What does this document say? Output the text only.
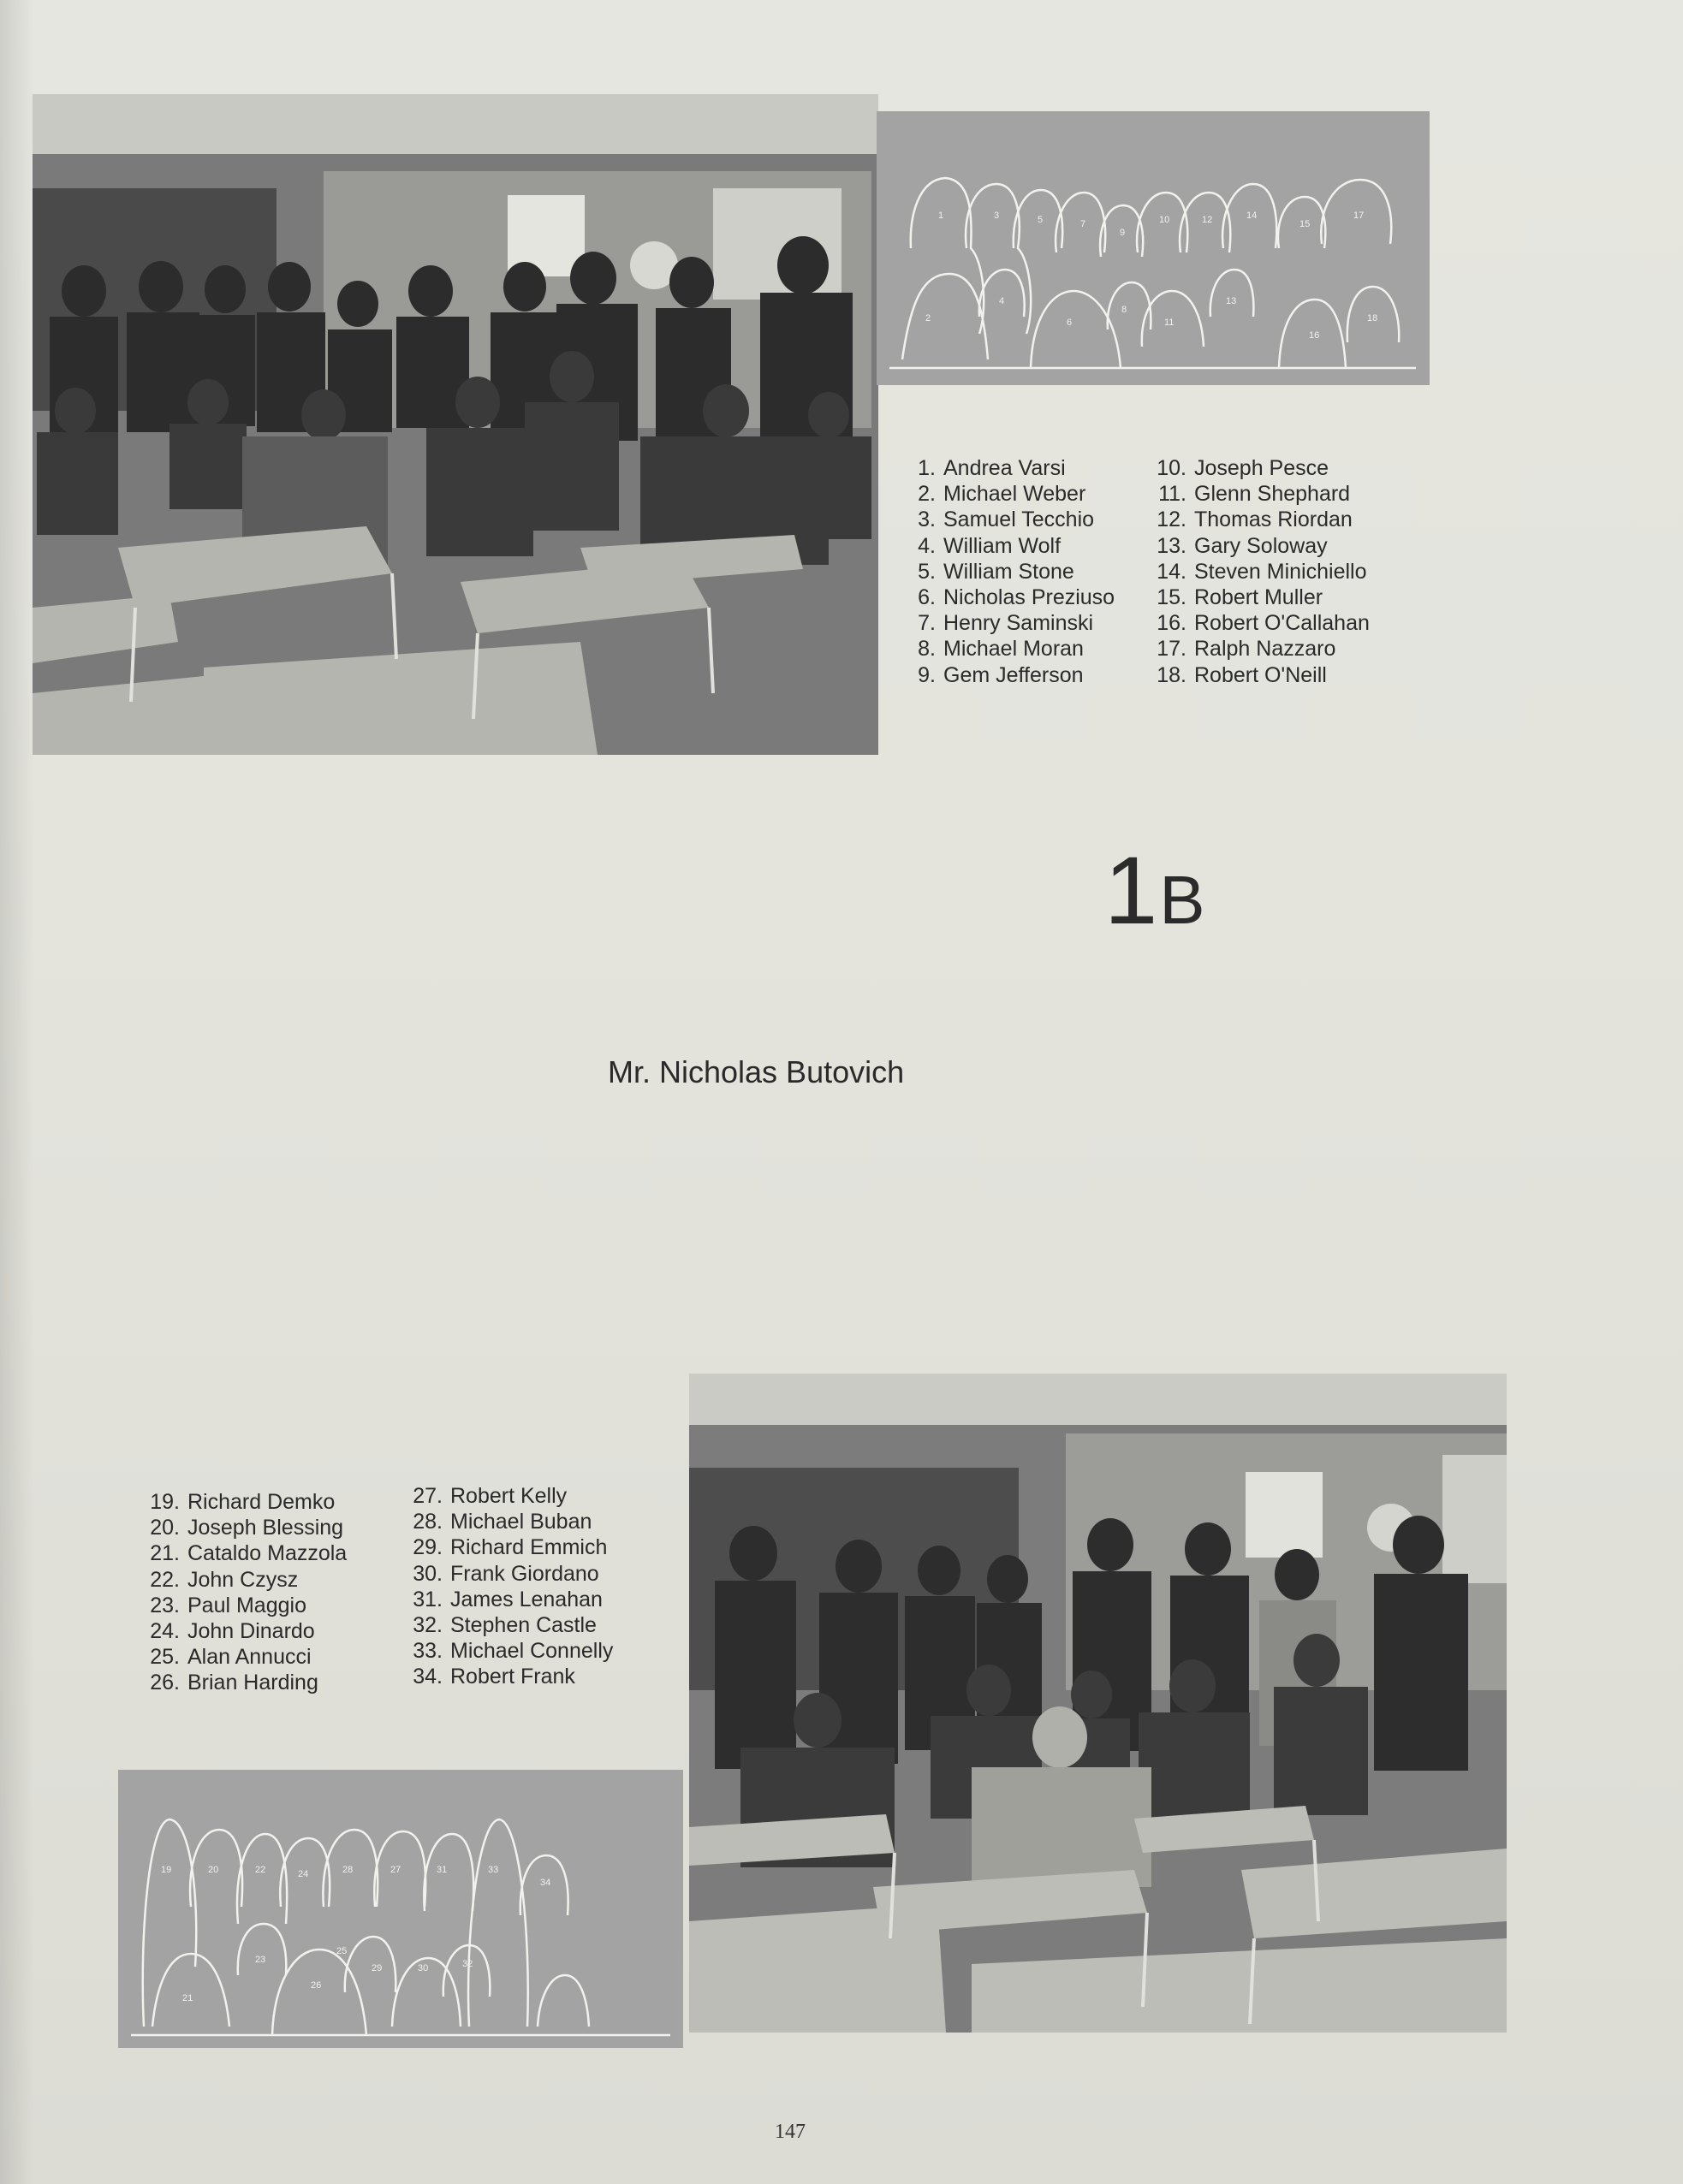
1
2
3
4
5
6
7
8
9
10
11
12
13
14
15
16
17
18
1. Andrea Varsi
2. Michael Weber
3. Samuel Tecchio
4. William Wolf
5. William Stone
6. Nicholas Preziuso
7. Henry Saminski
8. Michael Moran
9. Gem Jefferson
10. Joseph Pesce
11. Glenn Shephard
12. Thomas Riordan
13. Gary Soloway
14. Steven Minichiello
15. Robert Muller
16. Robert O'Callahan
17. Ralph Nazzaro
18. Robert O'Neill
1B
Mr. Nicholas Butovich
19. Richard Demko
20. Joseph Blessing
21. Cataldo Mazzola
22. John Czysz
23. Paul Maggio
24. John Dinardo
25. Alan Annucci
26. Brian Harding
27. Robert Kelly
28. Michael Buban
29. Richard Emmich
30. Frank Giordano
31. James Lenahan
32. Stephen Castle
33. Michael Connelly
34. Robert Frank
19	20
21
22
23
24
25
26
27
28
29	30
31
32
33
34
147
